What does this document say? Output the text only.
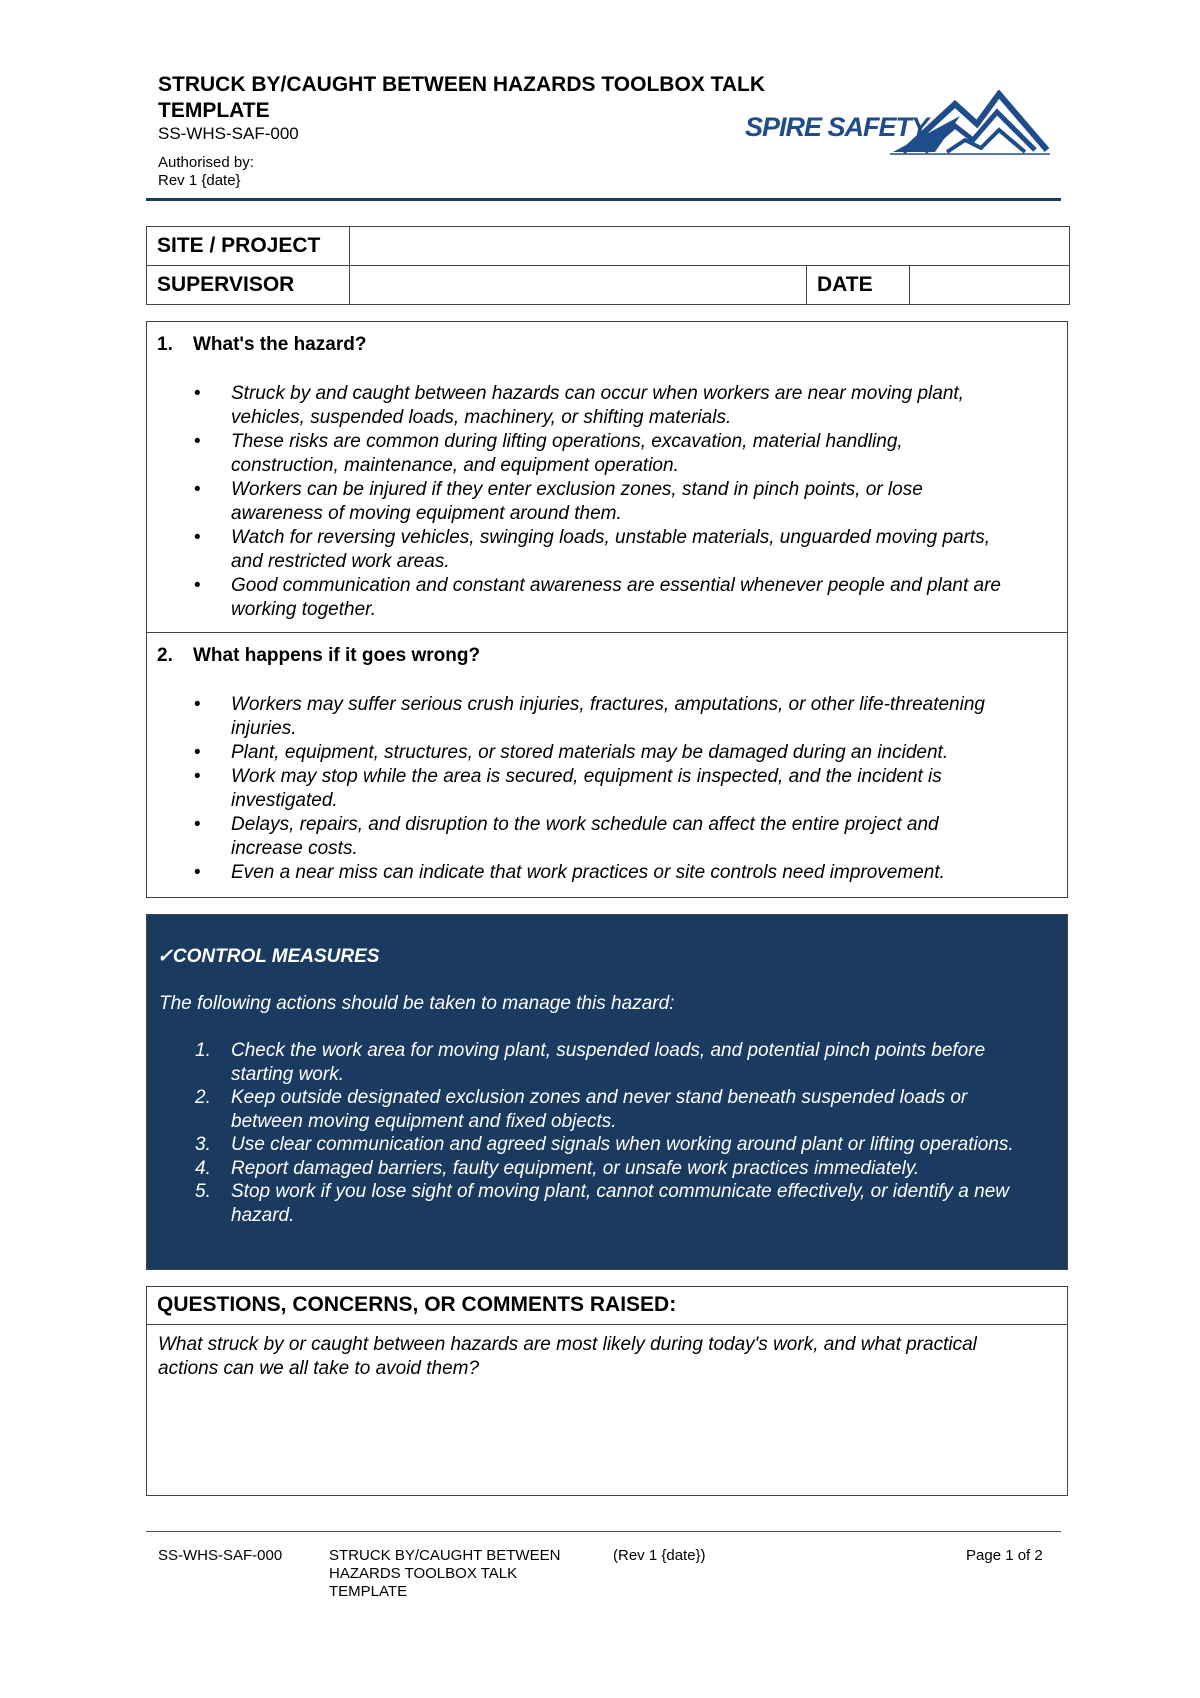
STRUCK BY/CAUGHT BETWEEN HAZARDS TOOLBOX TALK TEMPLATE
SS-WHS-SAF-000
Authorised by:
Rev 1 {date}
SPIRE SAFETY
SITE / PROJECT			
SUPERVISOR		DATE	
1. What's the hazard?
• Struck by and caught between hazards can occur when workers are near moving plant, vehicles, suspended loads, machinery, or shifting materials.
• These risks are common during lifting operations, excavation, material handling, construction, maintenance, and equipment operation.
• Workers can be injured if they enter exclusion zones, stand in pinch points, or lose awareness of moving equipment around them.
• Watch for reversing vehicles, swinging loads, unstable materials, unguarded moving parts, and restricted work areas.
• Good communication and constant awareness are essential whenever people and plant are working together.
2. What happens if it goes wrong?
• Workers may suffer serious crush injuries, fractures, amputations, or other life-threatening injuries.
• Plant, equipment, structures, or stored materials may be damaged during an incident.
• Work may stop while the area is secured, equipment is inspected, and the incident is investigated.
• Delays, repairs, and disruption to the work schedule can affect the entire project and increase costs.
• Even a near miss can indicate that work practices or site controls need improvement.
✓CONTROL MEASURES
The following actions should be taken to manage this hazard:
1. Check the work area for moving plant, suspended loads, and potential pinch points before starting work.
2. Keep outside designated exclusion zones and never stand beneath suspended loads or between moving equipment and fixed objects.
3. Use clear communication and agreed signals when working around plant or lifting operations.
4. Report damaged barriers, faulty equipment, or unsafe work practices immediately.
5. Stop work if you lose sight of moving plant, cannot communicate effectively, or identify a new hazard.
QUESTIONS, CONCERNS, OR COMMENTS RAISED:
What struck by or caught between hazards are most likely during today's work, and what practical actions can we all take to avoid them?
SS-WHS-SAF-000	STRUCK BY/CAUGHT BETWEEN HAZARDS TOOLBOX TALK TEMPLATE
(Rev 1 {date})	Page 1 of 2
